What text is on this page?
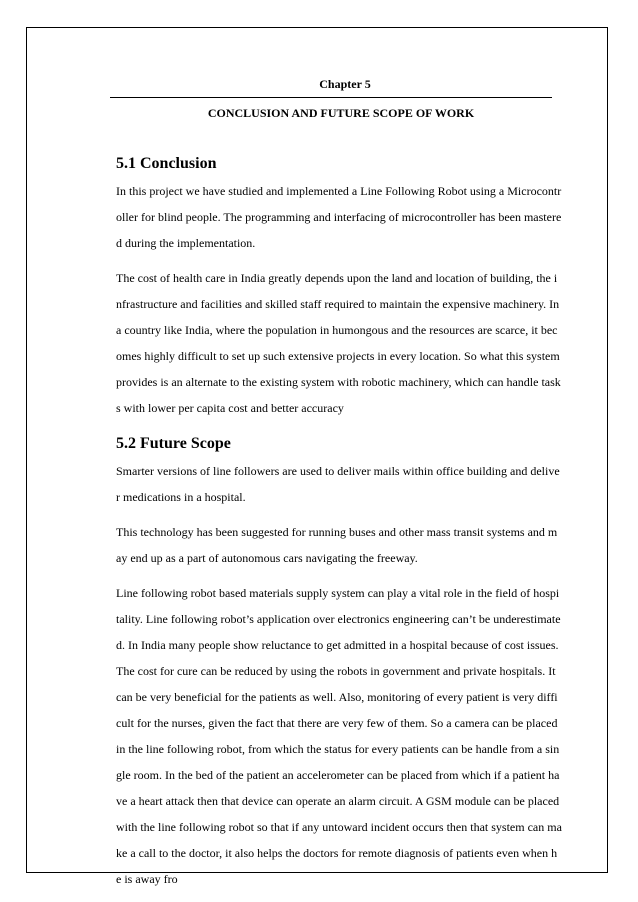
Chapter 5
CONCLUSION AND FUTURE SCOPE OF WORK
5.1 Conclusion

In this project we have studied and implemented a Line Following Robot using a Microcontroller for blind people. The programming and interfacing of microcontroller has been mastered during the implementation.

The cost of health care in India greatly depends upon the land and location of building, the infrastructure and facilities and skilled staff required to maintain the expensive machinery. In a country like India, where the population in humongous and the resources are scarce, it becomes highly difficult to set up such extensive projects in every location. So what this system provides is an alternate to the existing system with robotic machinery, which can handle tasks with lower per capita cost and better accuracy

5.2 Future Scope

Smarter versions of line followers are used to deliver mails within office building and deliver medications in a hospital.

This technology has been suggested for running buses and other mass transit systems and may end up as a part of autonomous cars navigating the freeway.

Line following robot based materials supply system can play a vital role in the field of hospitality. Line following robot’s application over electronics engineering can’t be underestimated. In India many people show reluctance to get admitted in a hospital because of cost issues. The cost for cure can be reduced by using the robots in government and private hospitals. It can be very beneficial for the patients as well. Also, monitoring of every patient is very difficult for the nurses, given the fact that there are very few of them. So a camera can be placed in the line following robot, from which the status for every patients can be handle from a single room. In the bed of the patient an accelerometer can be placed from which if a patient have a heart attack then that device can operate an alarm circuit. A GSM module can be placed with the line following robot so that if any untoward incident occurs then that system can make a call to the doctor, it also helps the doctors for remote diagnosis of patients even when he is away fro
